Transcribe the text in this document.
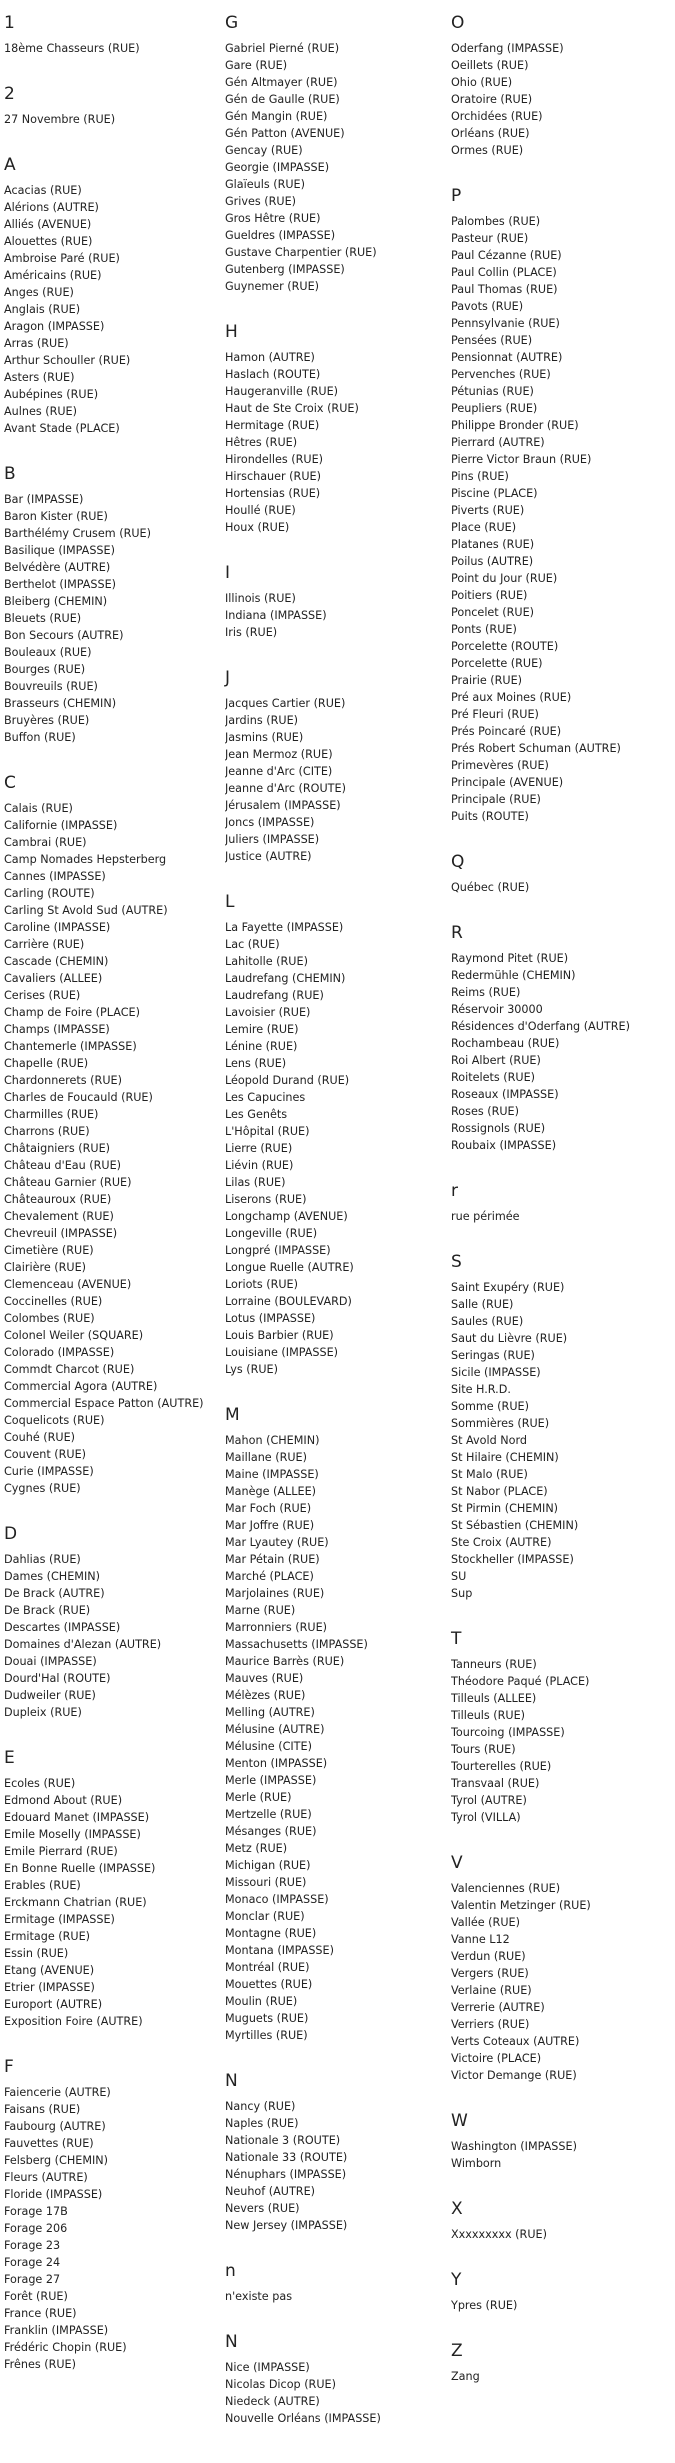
1
18ème Chasseurs (RUE)
2
27 Novembre (RUE)
A
Acacias (RUE)
Alérions (AUTRE)
Alliés (AVENUE)
Alouettes (RUE)
Ambroise Paré (RUE)
Américains (RUE)
Anges (RUE)
Anglais (RUE)
Aragon (IMPASSE)
Arras (RUE)
Arthur Schouller (RUE)
Asters (RUE)
Aubépines (RUE)
Aulnes (RUE)
Avant Stade (PLACE)
B
Bar (IMPASSE)
Baron Kister (RUE)
Barthélémy Crusem (RUE)
Basilique (IMPASSE)
Belvédère (AUTRE)
Berthelot (IMPASSE)
Bleiberg (CHEMIN)
Bleuets (RUE)
Bon Secours (AUTRE)
Bouleaux (RUE)
Bourges (RUE)
Bouvreuils (RUE)
Brasseurs (CHEMIN)
Bruyères (RUE)
Buffon (RUE)
C
Calais (RUE)
Californie (IMPASSE)
Cambrai (RUE)
Camp Nomades Hepsterberg
Cannes (IMPASSE)
Carling (ROUTE)
Carling St Avold Sud (AUTRE)
Caroline (IMPASSE)
Carrière (RUE)
Cascade (CHEMIN)
Cavaliers (ALLEE)
Cerises (RUE)
Champ de Foire (PLACE)
Champs (IMPASSE)
Chantemerle (IMPASSE)
Chapelle (RUE)
Chardonnerets (RUE)
Charles de Foucauld (RUE)
Charmilles (RUE)
Charrons (RUE)
Châtaigniers (RUE)
Château d'Eau (RUE)
Château Garnier (RUE)
Châteauroux (RUE)
Chevalement (RUE)
Chevreuil (IMPASSE)
Cimetière (RUE)
Clairière (RUE)
Clemenceau (AVENUE)
Coccinelles (RUE)
Colombes (RUE)
Colonel Weiler (SQUARE)
Colorado (IMPASSE)
Commdt Charcot (RUE)
Commercial Agora (AUTRE)
Commercial Espace Patton (AUTRE)
Coquelicots (RUE)
Couhé (RUE)
Couvent (RUE)
Curie (IMPASSE)
Cygnes (RUE)
D
Dahlias (RUE)
Dames (CHEMIN)
De Brack (AUTRE)
De Brack (RUE)
Descartes (IMPASSE)
Domaines d'Alezan (AUTRE)
Douai (IMPASSE)
Dourd'Hal (ROUTE)
Dudweiler (RUE)
Dupleix (RUE)
E
Ecoles (RUE)
Edmond About (RUE)
Edouard Manet (IMPASSE)
Emile Moselly (IMPASSE)
Emile Pierrard (RUE)
En Bonne Ruelle (IMPASSE)
Erables (RUE)
Erckmann Chatrian (RUE)
Ermitage (IMPASSE)
Ermitage (RUE)
Essin (RUE)
Etang (AVENUE)
Etrier (IMPASSE)
Europort (AUTRE)
Exposition Foire (AUTRE)
F
Faiencerie (AUTRE)
Faisans (RUE)
Faubourg (AUTRE)
Fauvettes (RUE)
Felsberg (CHEMIN)
Fleurs (AUTRE)
Floride (IMPASSE)
Forage 17B
Forage 206
Forage 23
Forage 24
Forage 27
Forêt (RUE)
France (RUE)
Franklin (IMPASSE)
Frédéric Chopin (RUE)
Frênes (RUE)
G
Gabriel Pierné (RUE)
Gare (RUE)
Gén Altmayer (RUE)
Gén de Gaulle (RUE)
Gén Mangin (RUE)
Gén Patton (AVENUE)
Gencay (RUE)
Georgie (IMPASSE)
Glaïeuls (RUE)
Grives (RUE)
Gros Hêtre (RUE)
Gueldres (IMPASSE)
Gustave Charpentier (RUE)
Gutenberg (IMPASSE)
Guynemer (RUE)
H
Hamon (AUTRE)
Haslach (ROUTE)
Haugeranville (RUE)
Haut de Ste Croix (RUE)
Hermitage (RUE)
Hêtres (RUE)
Hirondelles (RUE)
Hirschauer (RUE)
Hortensias (RUE)
Houllé (RUE)
Houx (RUE)
I
Illinois (RUE)
Indiana (IMPASSE)
Iris (RUE)
J
Jacques Cartier (RUE)
Jardins (RUE)
Jasmins (RUE)
Jean Mermoz (RUE)
Jeanne d'Arc (CITE)
Jeanne d'Arc (ROUTE)
Jérusalem (IMPASSE)
Joncs (IMPASSE)
Juliers (IMPASSE)
Justice (AUTRE)
L
La Fayette (IMPASSE)
Lac (RUE)
Lahitolle (RUE)
Laudrefang (CHEMIN)
Laudrefang (RUE)
Lavoisier (RUE)
Lemire (RUE)
Lénine (RUE)
Lens (RUE)
Léopold Durand (RUE)
Les Capucines
Les Genêts
L'Hôpital (RUE)
Lierre (RUE)
Liévin (RUE)
Lilas (RUE)
Liserons (RUE)
Longchamp (AVENUE)
Longeville (RUE)
Longpré (IMPASSE)
Longue Ruelle (AUTRE)
Loriots (RUE)
Lorraine (BOULEVARD)
Lotus (IMPASSE)
Louis Barbier (RUE)
Louisiane (IMPASSE)
Lys (RUE)
M
Mahon (CHEMIN)
Maillane (RUE)
Maine (IMPASSE)
Manège (ALLEE)
Mar Foch (RUE)
Mar Joffre (RUE)
Mar Lyautey (RUE)
Mar Pétain (RUE)
Marché (PLACE)
Marjolaines (RUE)
Marne (RUE)
Marronniers (RUE)
Massachusetts (IMPASSE)
Maurice Barrès (RUE)
Mauves (RUE)
Mélèzes (RUE)
Melling (AUTRE)
Mélusine (AUTRE)
Mélusine (CITE)
Menton (IMPASSE)
Merle (IMPASSE)
Merle (RUE)
Mertzelle (RUE)
Mésanges (RUE)
Metz (RUE)
Michigan (RUE)
Missouri (RUE)
Monaco (IMPASSE)
Monclar (RUE)
Montagne (RUE)
Montana (IMPASSE)
Montréal (RUE)
Mouettes (RUE)
Moulin (RUE)
Muguets (RUE)
Myrtilles (RUE)
N
Nancy (RUE)
Naples (RUE)
Nationale 3 (ROUTE)
Nationale 33 (ROUTE)
Nénuphars (IMPASSE)
Neuhof (AUTRE)
Nevers (RUE)
New Jersey (IMPASSE)
n
n'existe pas
N
Nice (IMPASSE)
Nicolas Dicop (RUE)
Niedeck (AUTRE)
Nouvelle Orléans (IMPASSE)
O
Oderfang (IMPASSE)
Oeillets (RUE)
Ohio (RUE)
Oratoire (RUE)
Orchidées (RUE)
Orléans (RUE)
Ormes (RUE)
P
Palombes (RUE)
Pasteur (RUE)
Paul Cézanne (RUE)
Paul Collin (PLACE)
Paul Thomas (RUE)
Pavots (RUE)
Pennsylvanie (RUE)
Pensées (RUE)
Pensionnat (AUTRE)
Pervenches (RUE)
Pétunias (RUE)
Peupliers (RUE)
Philippe Bronder (RUE)
Pierrard (AUTRE)
Pierre Victor Braun (RUE)
Pins (RUE)
Piscine (PLACE)
Piverts (RUE)
Place (RUE)
Platanes (RUE)
Poilus (AUTRE)
Point du Jour (RUE)
Poitiers (RUE)
Poncelet (RUE)
Ponts (RUE)
Porcelette (ROUTE)
Porcelette (RUE)
Prairie (RUE)
Pré aux Moines (RUE)
Pré Fleuri (RUE)
Prés Poincaré (RUE)
Prés Robert Schuman (AUTRE)
Primevères (RUE)
Principale (AVENUE)
Principale (RUE)
Puits (ROUTE)
Q
Québec (RUE)
R
Raymond Pitet (RUE)
Redermühle (CHEMIN)
Reims (RUE)
Réservoir 30000
Résidences d'Oderfang (AUTRE)
Rochambeau (RUE)
Roi Albert (RUE)
Roitelets (RUE)
Roseaux (IMPASSE)
Roses (RUE)
Rossignols (RUE)
Roubaix (IMPASSE)
r
rue périmée
S
Saint Exupéry (RUE)
Salle (RUE)
Saules (RUE)
Saut du Lièvre (RUE)
Seringas (RUE)
Sicile (IMPASSE)
Site H.R.D.
Somme (RUE)
Sommières (RUE)
St Avold Nord
St Hilaire (CHEMIN)
St Malo (RUE)
St Nabor (PLACE)
St Pirmin (CHEMIN)
St Sébastien (CHEMIN)
Ste Croix (AUTRE)
Stockheller (IMPASSE)
SU
Sup
T
Tanneurs (RUE)
Théodore Paqué (PLACE)
Tilleuls (ALLEE)
Tilleuls (RUE)
Tourcoing (IMPASSE)
Tours (RUE)
Tourterelles (RUE)
Transvaal (RUE)
Tyrol (AUTRE)
Tyrol (VILLA)
V
Valenciennes (RUE)
Valentin Metzinger (RUE)
Vallée (RUE)
Vanne L12
Verdun (RUE)
Vergers (RUE)
Verlaine (RUE)
Verrerie (AUTRE)
Verriers (RUE)
Verts Coteaux (AUTRE)
Victoire (PLACE)
Victor Demange (RUE)
W
Washington (IMPASSE)
Wimborn
X
Xxxxxxxxx (RUE)
Y
Ypres (RUE)
Z
Zang
